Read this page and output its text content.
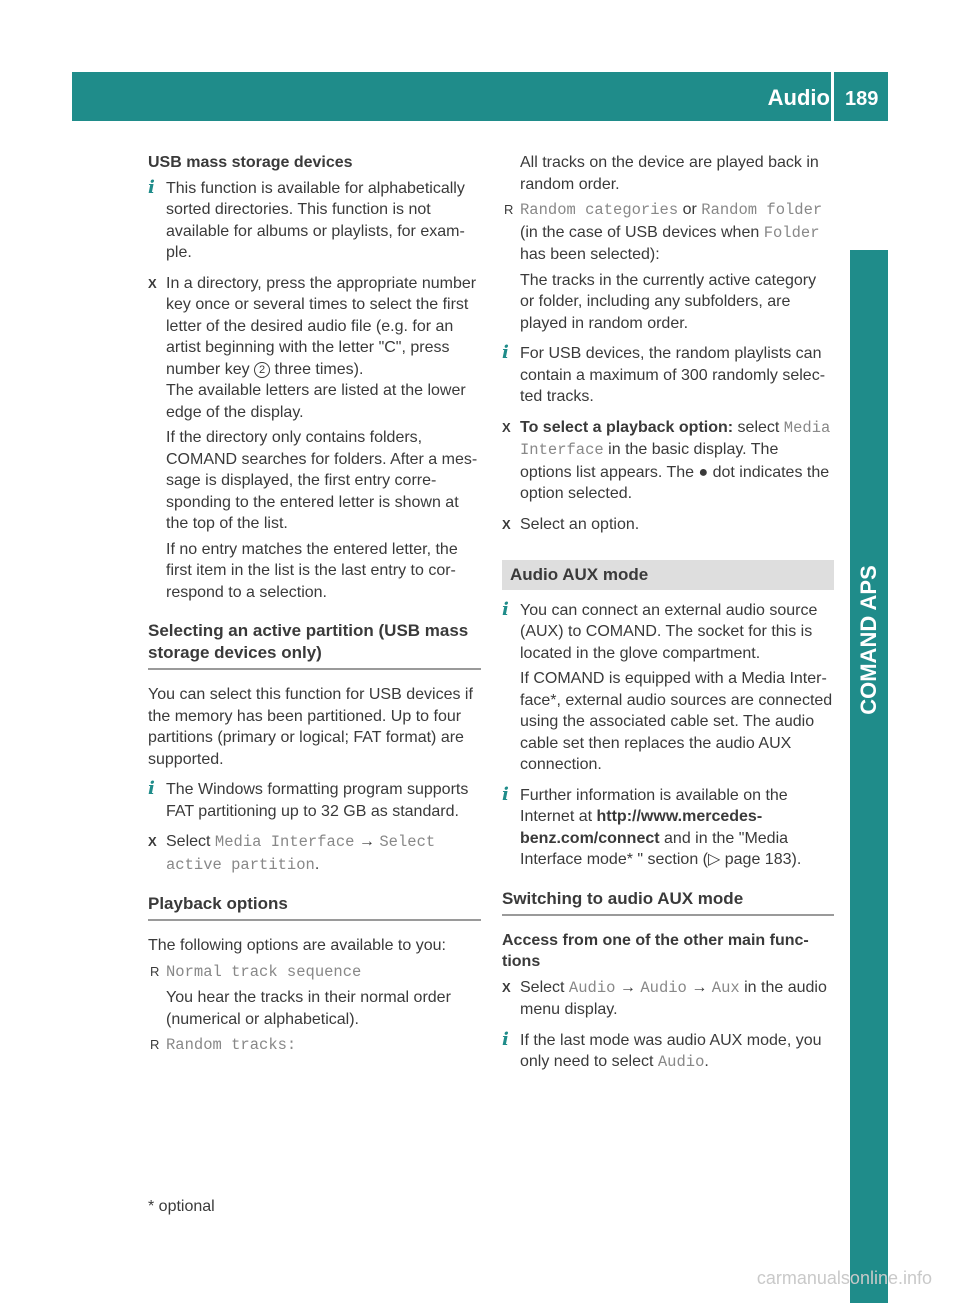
Audio 189
COMAND APS

USB mass storage devices

i This function is available for alphabetically sorted directories. This function is not available for albums or playlists, for example.
X In a directory, press the appropriate number key once or several times to select the first letter of the desired audio file (e.g. for an artist beginning with the letter "C", press number key 2 three times).

The available letters are listed at the lower edge of the display.

If the directory only contains folders, COMAND searches for folders. After a message is displayed, the first entry corresponding to the entered letter is shown at the top of the list.

If no entry matches the entered letter, the first item in the list is the last entry to correspond to a selection.

Selecting an active partition (USB mass storage devices only)

You can select this function for USB devices if the memory has been partitioned. Up to four partitions (primary or logical; FAT format) are supported.

i The Windows formatting program supports FAT partitioning up to 32 GB as standard.
X Select Media Interface → Select active partition.

Playback options

The following options are available to you:

R Normal track sequence

You hear the tracks in their normal order (numerical or alphabetical).

R Random tracks:

All tracks on the device are played back in random order.

R Random categories or Random folder (in the case of USB devices when Folder has been selected):

The tracks in the currently active category or folder, including any subfolders, are played in random order.

i For USB devices, the random playlists can contain a maximum of 300 randomly selected tracks.
X To select a playback option: select Media Interface in the basic display. The options list appears. The ● dot indicates the option selected.
X Select an option.

Audio AUX mode

i You can connect an external audio source (AUX) to COMAND. The socket for this is located in the glove compartment.

If COMAND is equipped with a Media Interface*, external audio sources are connected using the associated cable set. The audio cable set then replaces the audio AUX connection.

i Further information is available on the Internet at http://www.mercedes-benz.com/connect and in the "Media Interface mode* " section (▷ page 183).

Switching to audio AUX mode

Access from one of the other main functions

X Select Audio → Audio → Aux in the audio menu display.
i If the last mode was audio AUX mode, you only need to select Audio.
* optional
carmanualsonline.info
